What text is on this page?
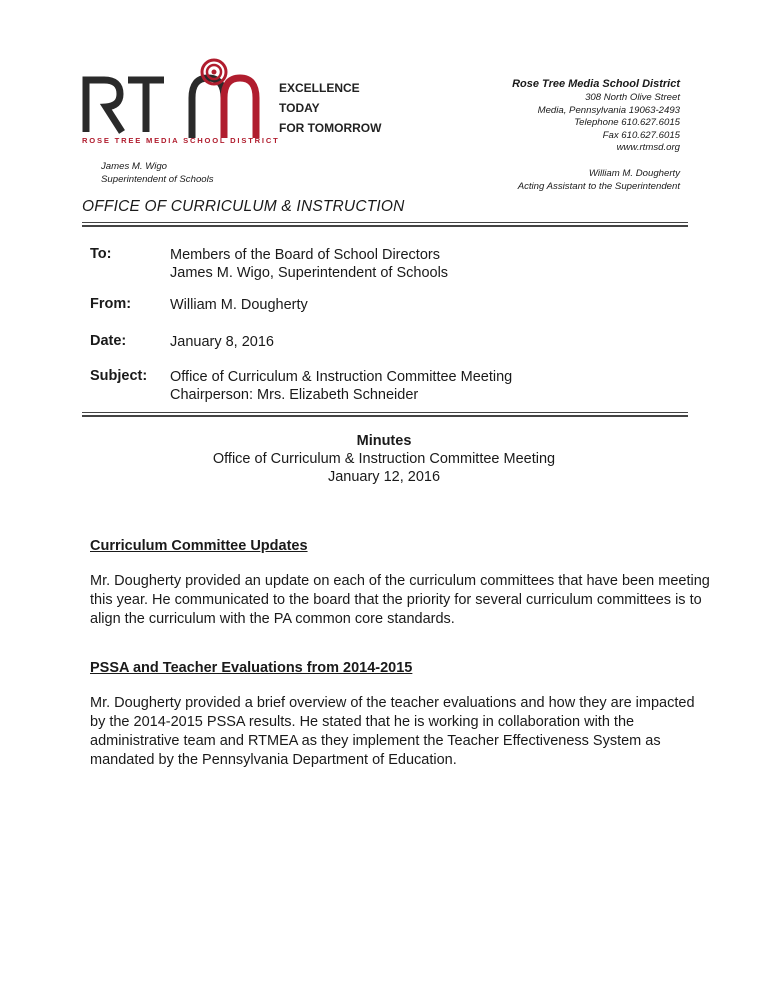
ROSE TREE MEDIA SCHOOL DISTRICT
EXCELLENCE
TODAY
FOR TOMORROW
Rose Tree Media School District
308 North Olive Street
Media, Pennsylvania 19063-2493
Telephone 610.627.6015
Fax 610.627.6015
www.rtmsd.org
James M. Wigo
Superintendent of Schools
William M. Dougherty
Acting Assistant to the Superintendent
OFFICE OF CURRICULUM & INSTRUCTION
To:	Members of the Board of School Directors
James M. Wigo, Superintendent of Schools
From:	William M. Dougherty
Date:	January 8, 2016
Subject: Office of Curriculum & Instruction Committee Meeting
Chairperson: Mrs. Elizabeth Schneider
Minutes
Office of Curriculum & Instruction Committee Meeting
January 12, 2016
Curriculum Committee Updates
Mr. Dougherty provided an update on each of the curriculum committees that have been meeting this year. He communicated to the board that the priority for several curriculum committees is to align the curriculum with the PA common core standards.
PSSA and Teacher Evaluations from 2014-2015
Mr. Dougherty provided a brief overview of the teacher evaluations and how they are impacted by the 2014-2015 PSSA results. He stated that he is working in collaboration with the administrative team and RTMEA as they implement the Teacher Effectiveness System as mandated by the Pennsylvania Department of Education.
